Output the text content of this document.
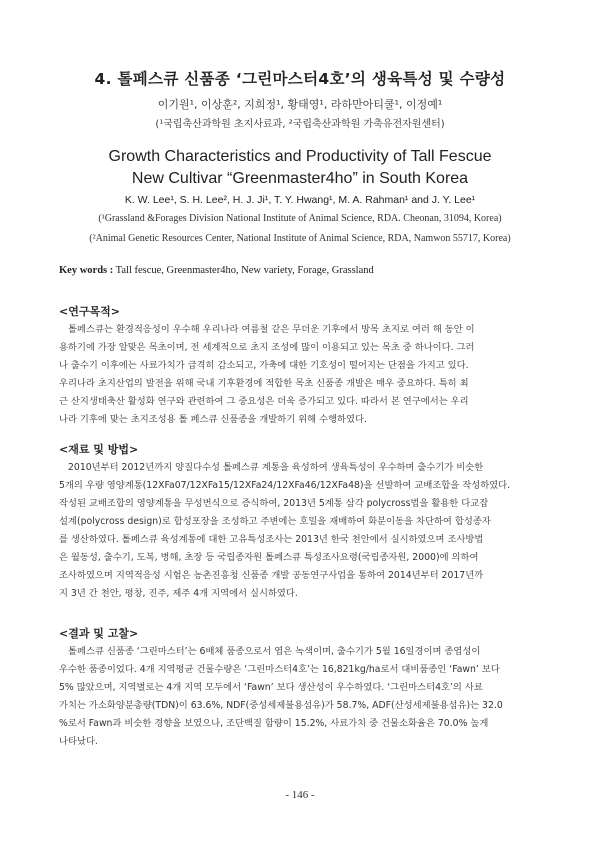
4. 톨페스큐 신품종 ‘그린마스터4호’의 생육특성 및 수량성
이기원¹, 이상훈², 지희정¹, 황태영¹, 라하만아티쿨¹, 이정예¹
(¹국립축산과학원 초지사료과, ²국립축산과학원 가축유전자원센터)
Growth Characteristics and Productivity of Tall Fescue
New Cultivar “Greenmaster4ho” in South Korea
K. W. Lee¹, S. H. Lee², H. J. Ji¹, T. Y. Hwang¹, M. A. Rahman¹ and J. Y. Lee¹
(¹Grassland &Forages Division National Institute of Animal Science, RDA. Cheonan, 31094, Korea)
(²Animal Genetic Resources Center, National Institute of Animal Science, RDA, Namwon 55717, Korea)
Key words : Tall fescue, Greenmaster4ho, New variety, Forage, Grassland
<연구목적>
톨페스큐는 환경적응성이 우수해 우리나라 여름철 같은 무더운 기후에서 방목 초지로 여러 해 동안 이
용하기에 가장 알맞은 목초이며, 전 세계적으로 초지 조성에 많이 이용되고 있는 목초 중 하나이다. 그러
나 출수기 이후에는 사료가치가 급격히 감소되고, 가축에 대한 기호성이 떨어지는 단점을 가지고 있다.
우리나라 초지산업의 발전을 위해 국내 기후환경에 적합한 목초 신품종 개발은 매우 중요하다. 특히 최
근 산지생태축산 활성화 연구와 관련하여 그 중요성은 더욱 증가되고 있다. 따라서 본 연구에서는 우리
나라 기후에 맞는 초지조성용 톨 페스큐 신품종을 개발하기 위해 수행하였다.
<재료 및 방법>
2010년부터 2012년까지 양질다수성 톨페스큐 계통을 육성하여 생육특성이 우수하며 출수기가 비슷한
5개의 우량 영양계통(12XFa07/12XFa15/12XFa24/12XFa46/12XFa48)을 선발하여 교배조합을 작성하였다.
작성된 교배조합의 영양계통을 무성번식으로 증식하여, 2013년 5계통 삼각 polycross법을 활용한 다교잡
설계(polycross design)로 합성포장을 조성하고 주변에는 호밀을 재배하여 화분이동을 차단하여 합성종자
를 생산하였다. 톨페스큐 육성계통에 대한 고유특성조사는 2013년 한국 천안에서 실시하였으며 조사방법
은 월동성, 출수기, 도복, 병해, 초장 등 국립종자원 톨페스큐 특성조사요령(국립종자원, 2000)에 의하여
조사하였으며 지역적응성 시험은 농촌진흥청 신품종 개발 공동연구사업을 통하여 2014년부터 2017년까
지 3년 간 천안, 평창, 진주, 제주 4개 지역에서 실시하였다.
<결과 및 고찰>
톨페스큐 신품종 ‘그린마스터’는 6배체 품종으로서 엽은 녹색이며, 출수기가 5월 16일경이며 종엽성이
우수한 품종이었다. 4개 지역평균 건물수량은 ‘그린마스터4호’는 16,821kg/ha로서 대비품종인 ‘Fawn’ 보다
5% 많았으며, 지역별로는 4개 지역 모두에서 ‘Fawn’ 보다 생산성이 우수하였다. ‘그린마스터4호’의 사료
가치는 가소화양분총량(TDN)이 63.6%, NDF(중성세제불용섬유)가 58.7%, ADF(산성세제불용섬유)는 32.0
%로서 Fawn과 비슷한 경향을 보였으나, 조단백질 함량이 15.2%, 사료가치 중 건물소화율은 70.0% 높게
나타났다.
- 146 -
